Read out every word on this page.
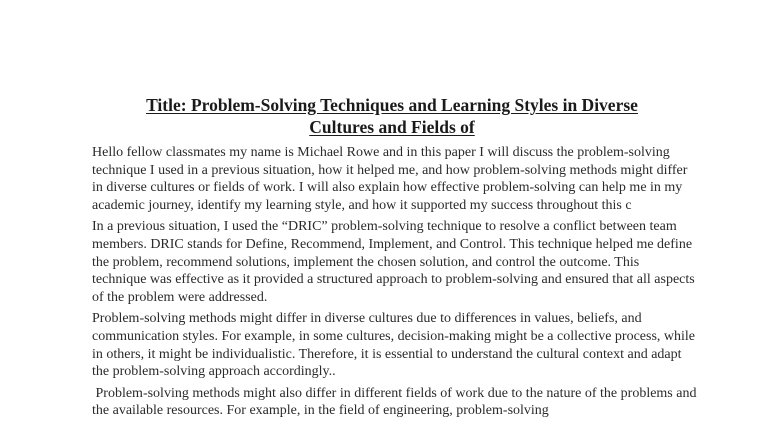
Title: Problem-Solving Techniques and Learning Styles in Diverse
Cultures and Fields of

Hello fellow classmates my name is Michael Rowe and in this paper I will discuss the problem-solving technique I used in a previous situation, how it helped me, and how problem-solving methods might differ in diverse cultures or fields of work. I will also explain how effective problem-solving can help me in my academic journey, identify my learning style, and how it supported my success throughout this c

In a previous situation, I used the “DRIC” problem-solving technique to resolve a conflict between team members. DRIC stands for Define, Recommend, Implement, and Control. This technique helped me define the problem, recommend solutions, implement the chosen solution, and control the outcome. This technique was effective as it provided a structured approach to problem-solving and ensured that all aspects of the problem were addressed.

Problem-solving methods might differ in diverse cultures due to differences in values, beliefs, and communication styles. For example, in some cultures, decision-making might be a collective process, while in others, it might be individualistic. Therefore, it is essential to understand the cultural context and adapt the problem-solving approach accordingly..

Problem-solving methods might also differ in different fields of work due to the nature of the problems and the available resources. For example, in the field of engineering, problem-solving
